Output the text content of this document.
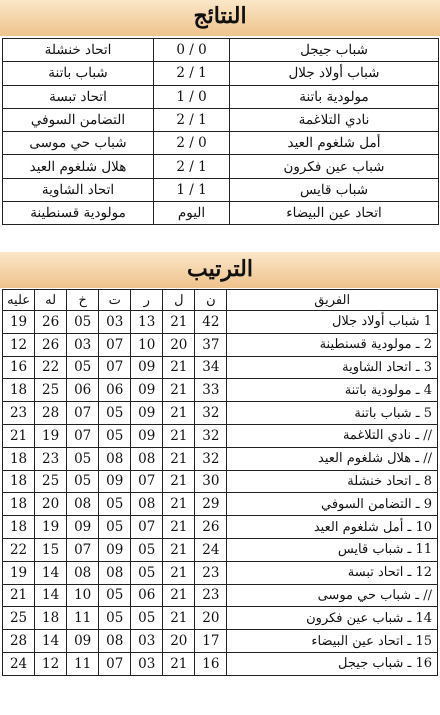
النتائج
شباب جيجل	0 / 0	اتحاد خنشلة
شباب أولاد جلال	2 / 1	شباب باتنة
مولودية باتنة	1 / 0	اتحاد تبسة
نادي التلاغمة	2 / 1	التضامن السوفي
أمل شلغوم العيد	2 / 0	شباب حي موسى
شباب عين فكرون	2 / 1	هلال شلغوم العيد
شباب قايس	1 / 1	اتحاد الشاوية
اتحاد عين البيضاء	اليوم	مولودية قسنطينة
الترتيب
الفريق	ن	ل	ر	ت	خ	له	عليه
1 شباب أولاد جلال	42	21	13	03	05	26	19
2 ـ مولودية قسنطينة	37	20	10	07	03	26	12
3 ـ اتحاد الشاوية	34	21	09	07	05	22	16
4 ـ مولودية باتنة	33	21	09	06	06	25	18
5 ـ شباب باتنة	32	21	09	05	07	28	23
// ـ نادي التلاغمة	32	21	09	05	07	19	21
// ـ هلال شلغوم العيد	32	21	08	08	05	23	18
8 ـ اتحاد خنشلة	30	21	07	09	05	25	18
9 ـ التضامن السوفي	29	21	08	05	08	20	18
10 ـ أمل شلغوم العيد	26	21	07	05	09	19	18
11 ـ شباب قايس	24	21	05	09	07	15	22
12 ـ اتحاد تبسة	23	21	05	08	08	14	19
// ـ شباب حي موسى	23	21	06	05	10	14	21
14 ـ شباب عين فكرون	20	21	05	05	11	18	25
15 ـ اتحاد عين البيضاء	17	20	03	08	09	14	28
16 ـ شباب جيجل	16	21	03	07	11	12	24
